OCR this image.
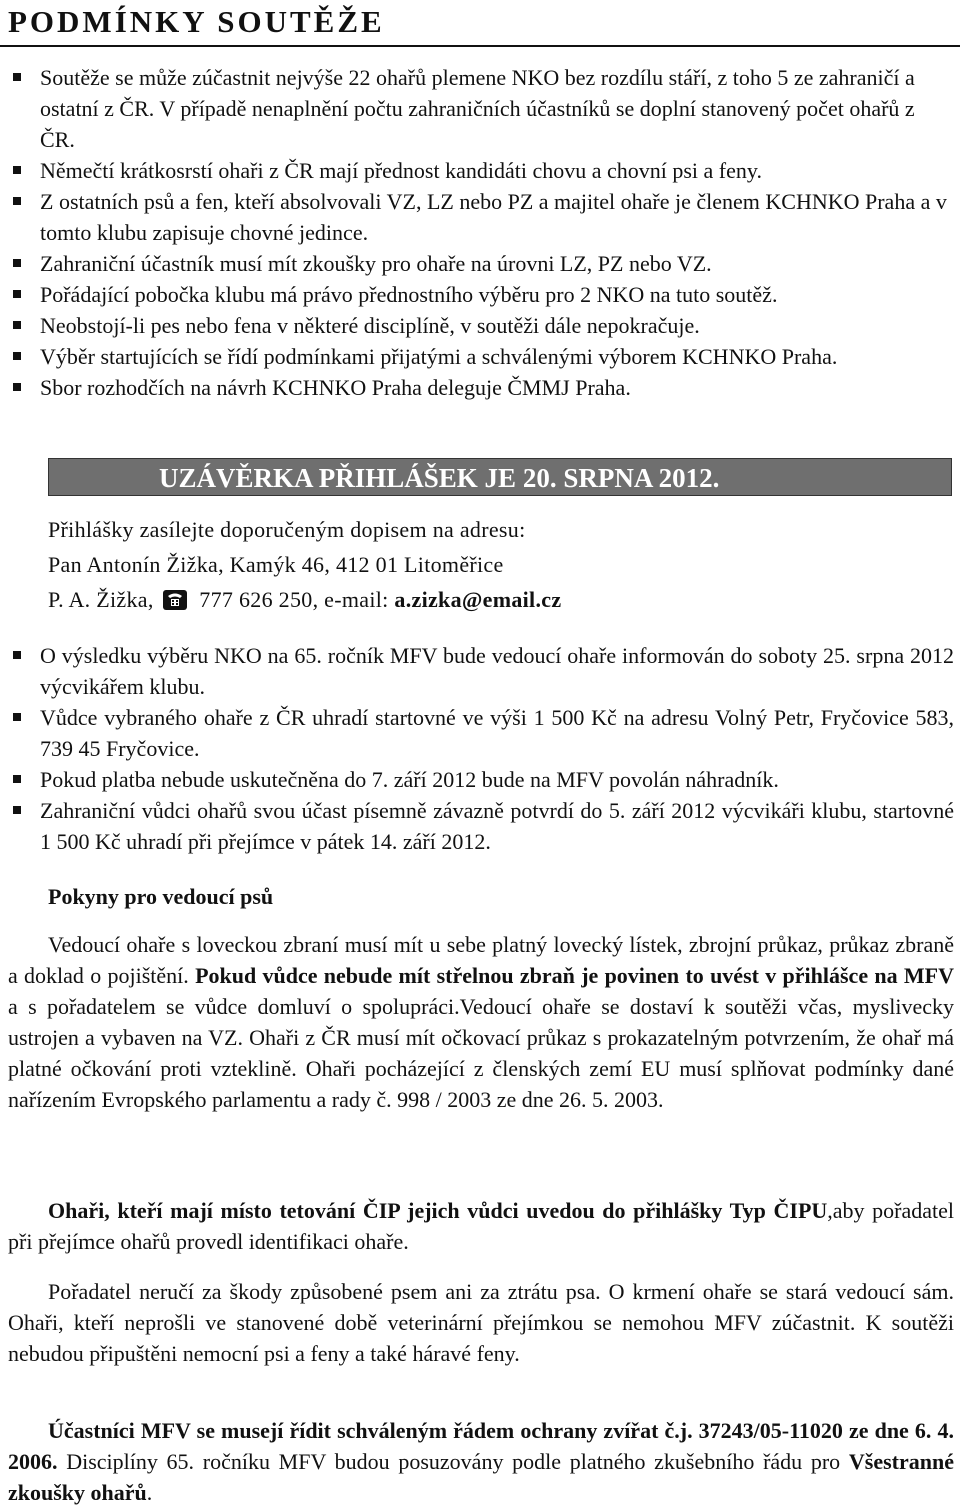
PODMÍNKY SOUTĚŽE
Soutěže se může zúčastnit nejvýše 22 ohařů plemene NKO bez rozdílu stáří, z toho 5 ze zahraničí a ostatní z ČR. V případě nenaplnění počtu zahraničních účastníků se doplní stanovený počet ohařů z ČR.
Němečtí krátkosrstí ohaři z ČR mají přednost kandidáti chovu a chovní psi a feny.
Z ostatních psů a fen, kteří absolvovali VZ, LZ nebo PZ a majitel ohaře je členem KCHNKO Praha a v tomto klubu zapisuje chovné jedince.
Zahraniční účastník musí mít zkoušky pro ohaře na úrovni LZ, PZ nebo VZ.
Pořádající pobočka klubu má právo přednostního výběru pro 2 NKO na tuto soutěž.
Neobstojí-li pes nebo fena v některé disciplíně, v soutěži dále nepokračuje.
Výběr startujících se řídí podmínkami přijatými a schválenými výborem KCHNKO Praha.
Sbor rozhodčích na návrh KCHNKO Praha deleguje ČMMJ Praha.
UZÁVĚRKA PŘIHLÁŠEK JE 20. SRPNA 2012.
Přihlášky zasílejte doporučeným dopisem na adresu:
Pan Antonín Žižka, Kamýk 46, 412 01 Litoměřice
P. A. Žižka, 777 626 250, e-mail: a.zizka@email.cz
O výsledku výběru NKO na 65. ročník MFV bude vedoucí ohaře informován do soboty 25. srpna 2012 výcvikářem klubu.
Vůdce vybraného ohaře z ČR uhradí startovné ve výši 1 500 Kč na adresu Volný Petr, Fryčovice 583, 739 45 Fryčovice.
Pokud platba nebude uskutečněna do 7. září 2012 bude na MFV povolán náhradník.
Zahraniční vůdci ohařů svou účast písemně závazně potvrdí do 5. září 2012 výcvikáři klubu, startovné 1 500 Kč uhradí při přejímce v pátek 14. září 2012.
Pokyny pro vedoucí psů

Vedoucí ohaře s loveckou zbraní musí mít u sebe platný lovecký lístek, zbrojní průkaz, průkaz zbraně a doklad o pojištění. Pokud vůdce nebude mít střelnou zbraň je povinen to uvést v přihlášce na MFV a s pořadatelem se vůdce domluví o spolupráci.Vedoucí ohaře se dostaví k soutěži včas, myslivecky ustrojen a vybaven na VZ. Ohaři z ČR musí mít očkovací průkaz s prokazatelným potvrzením, že ohař má platné očkování proti vzteklině. Ohaři pocházející z členských zemí EU musí splňovat podmínky dané nařízením Evropského parlamentu a rady č. 998 / 2003 ze dne 26. 5. 2003.

Ohaři, kteří mají místo tetování ČIP jejich vůdci uvedou do přihlášky Typ ČIPU,aby pořadatel při přejímce ohařů provedl identifikaci ohaře.

Pořadatel neručí za škody způsobené psem ani za ztrátu psa. O krmení ohaře se stará vedoucí sám. Ohaři, kteří neprošli ve stanovené době veterinární přejímkou se nemohou MFV zúčastnit. K soutěži nebudou připuštěni nemocní psi a feny a také háravé feny.

Účastníci MFV se musejí řídit schváleným řádem ochrany zvířat č.j. 37243/05-11020 ze dne 6. 4. 2006. Disciplíny 65. ročníku MFV budou posuzovány podle platného zkušebního řádu pro Všestranné zkoušky ohařů.
